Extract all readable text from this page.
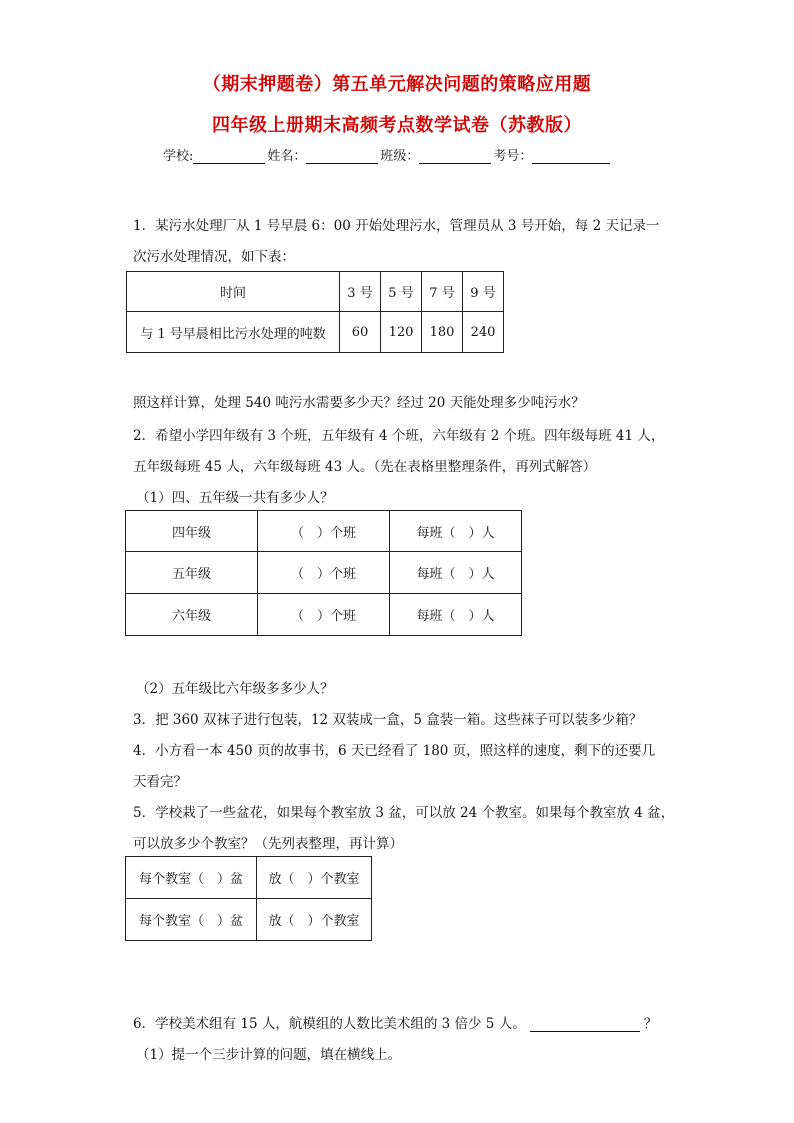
（期末押题卷）第五单元解决问题的策略应用题
四年级上册期末高频考点数学试卷（苏教版）
学校:	姓名：	班级：	考号：
1．某污水处理厂从 1 号早晨 6：00 开始处理污水，管理员从 3 号开始，每 2 天记录一
次污水处理情况，如下表：
时间	3 号	5 号	7 号	9 号
与 1 号早晨相比污水处理的吨数	60	120	180	240
照这样计算，处理 540 吨污水需要多少天？经过 20 天能处理多少吨污水？
2．希望小学四年级有 3 个班，五年级有 4 个班，六年级有 2 个班。四年级每班 41 人，
五年级每班 45 人，六年级每班 43 人。（先在表格里整理条件，再列式解答）
（1）四、五年级一共有多少人？
四年级	（　）个班	每班（　）人
五年级	（　）个班	每班（　）人
六年级	（　）个班	每班（　）人
（2）五年级比六年级多多少人？
3．把 360 双袜子进行包装，12 双装成一盒，5 盒装一箱。这些袜子可以装多少箱？
4．小方看一本 450 页的故事书，6 天已经看了 180 页，照这样的速度，剩下的还要几
天看完？
5．学校栽了一些盆花，如果每个教室放 3 盆，可以放 24 个教室。如果每个教室放 4 盆，
可以放多少个教室？（先列表整理，再计算）
每个教室（　）盆	放（　）个教室
每个教室（　）盆	放（　）个教室
6．学校美术组有 15 人，航模组的人数比美术组的 3 倍少 5 人。	？
（1）提一个三步计算的问题，填在横线上。
